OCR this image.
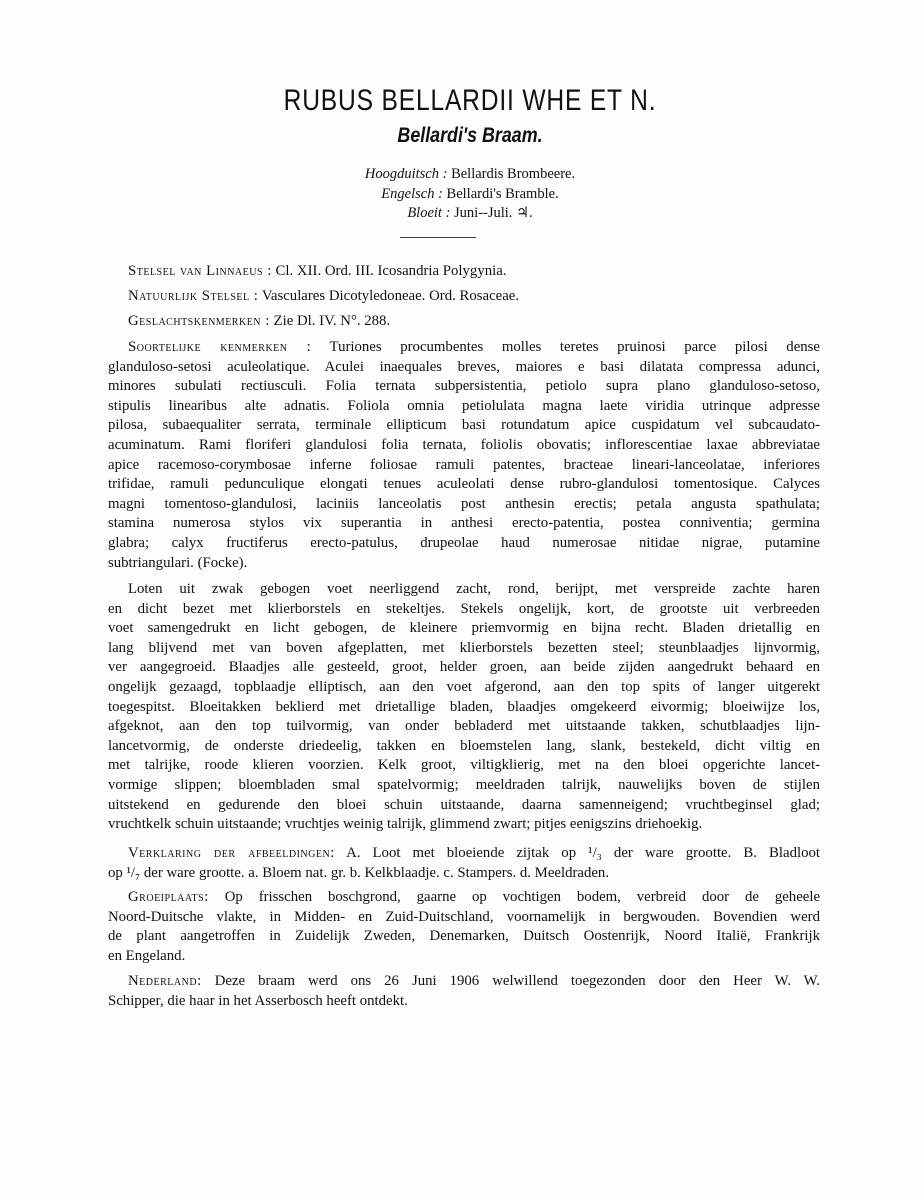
RUBUS BELLARDII WHE ET N.
Bellardi's Braam.
Hoogduitsch : Bellardis Brombeere.
Engelsch : Bellardi's Bramble.
Bloeit : Juni--Juli. ♃.
Stelsel van Linnaeus : Cl. XII. Ord. III. Icosandria Polygynia.
Natuurlijk Stelsel : Vasculares Dicotyledoneae. Ord. Rosaceae.
Geslachtskenmerken : Zie Dl. IV. N°. 288.
Soortelijke kenmerken : Turiones procumbentes molles teretes pruinosi parce pilosi dense
glanduloso-setosi aculeolatique. Aculei inaequales breves, maiores e basi dilatata compressa adunci,
minores subulati rectiusculi. Folia ternata subpersistentia, petiolo supra plano glanduloso-setoso,
stipulis linearibus alte adnatis. Foliola omnia petiolulata magna laete viridia utrinque adpresse
pilosa, subaequaliter serrata, terminale ellipticum basi rotundatum apice cuspidatum vel subcaudato-
acuminatum. Rami floriferi glandulosi folia ternata, foliolis obovatis; inflorescentiae laxae abbreviatae
apice racemoso-corymbosae inferne foliosae ramuli patentes, bracteae lineari-lanceolatae, inferiores
trifidae, ramuli pedunculique elongati tenues aculeolati dense rubro-glandulosi tomentosique. Calyces
magni tomentoso-glandulosi, laciniis lanceolatis post anthesin erectis; petala angusta spathulata;
stamina numerosa stylos vix superantia in anthesi erecto-patentia, postea conniventia; germina
glabra; calyx fructiferus erecto-patulus, drupeolae haud numerosae nitidae nigrae, putamine
subtriangulari. (Focke).
Loten uit zwak gebogen voet neerliggend zacht, rond, berijpt, met verspreide zachte haren
en dicht bezet met klierborstels en stekeltjes. Stekels ongelijk, kort, de grootste uit verbreeden
voet samengedrukt en licht gebogen, de kleinere priemvormig en bijna recht. Bladen drietallig en
lang blijvend met van boven afgeplatten, met klierborstels bezetten steel; steunblaadjes lijnvormig,
ver aangegroeid. Blaadjes alle gesteeld, groot, helder groen, aan beide zijden aangedrukt behaard en
ongelijk gezaagd, topblaadje elliptisch, aan den voet afgerond, aan den top spits of langer uitgerekt
toegespitst. Bloeitakken beklierd met drietallige bladen, blaadjes omgekeerd eivormig; bloeiwijze los,
afgeknot, aan den top tuilvormig, van onder bebladerd met uitstaande takken, schutblaadjes lijn-
lancetvormig, de onderste driedeelig, takken en bloemstelen lang, slank, bestekeld, dicht viltig en
met talrijke, roode klieren voorzien. Kelk groot, viltigklierig, met na den bloei opgerichte lancet-
vormige slippen; bloembladen smal spatelvormig; meeldraden talrijk, nauwelijks boven de stijlen
uitstekend en gedurende den bloei schuin uitstaande, daarna samenneigend; vruchtbeginsel glad;
vruchtkelk schuin uitstaande; vruchtjes weinig talrijk, glimmend zwart; pitjes eenigszins driehoekig.
Verklaring der afbeeldingen: A. Loot met bloeiende zijtak op ¹/₃ der ware grootte. B. Bladloot
op ¹/₇ der ware grootte. a. Bloem nat. gr. b. Kelkblaadje. c. Stampers. d. Meeldraden.
Groeiplaats: Op frisschen boschgrond, gaarne op vochtigen bodem, verbreid door de geheele
Noord-Duitsche vlakte, in Midden- en Zuid-Duitschland, voornamelijk in bergwouden. Bovendien werd
de plant aangetroffen in Zuidelijk Zweden, Denemarken, Duitsch Oostenrijk, Noord Italië, Frankrijk
en Engeland.
Nederland: Deze braam werd ons 26 Juni 1906 welwillend toegezonden door den Heer W. W.
Schipper, die haar in het Asserbosch heeft ontdekt.
